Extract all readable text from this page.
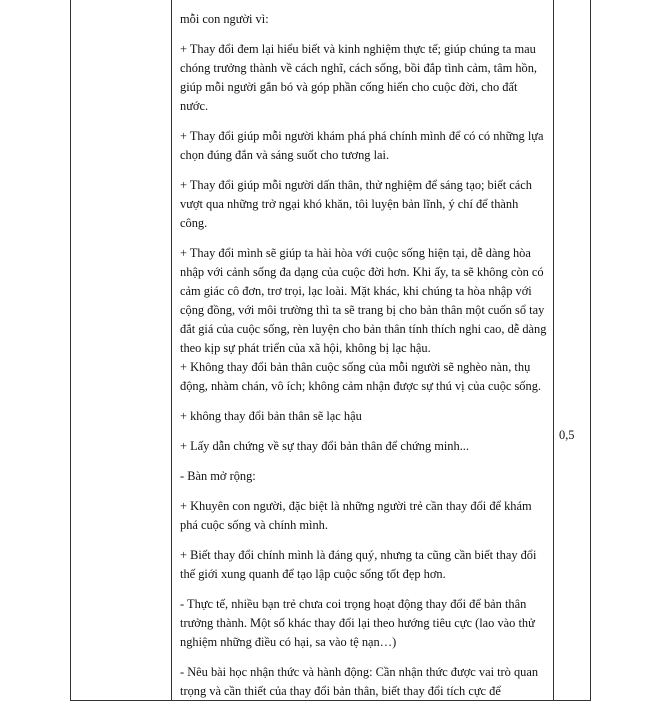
mỗi con người vì:

+ Thay đổi đem lại hiểu biết và kinh nghiệm thực tế; giúp chúng ta mau chóng trưởng thành về cách nghĩ, cách sống, bồi đắp tình cảm, tâm hồn, giúp mỗi người gắn bó và góp phần cống hiến cho cuộc đời, cho đất nước.

+ Thay đổi giúp mỗi người khám phá phá chính mình để có có những lựa chọn đúng đắn và sáng suốt cho tương lai.

+ Thay đổi giúp mỗi người dấn thân, thử nghiệm để sáng tạo; biết cách vượt qua những trở ngại khó khăn, tôi luyện bản lĩnh, ý chí để thành công.

+ Thay đổi mình sẽ giúp ta hài hòa với cuộc sống hiện tại, dễ dàng hòa nhập với cảnh sống đa dạng của cuộc đời hơn. Khi ấy, ta sẽ không còn có cảm giác cô đơn, trơ trọi, lạc loài. Mặt khác, khi chúng ta hòa nhập với cộng đồng, với môi trường thì ta sẽ trang bị cho bản thân một cuốn sổ tay đắt giá của cuộc sống, rèn luyện cho bản thân tính thích nghi cao, dễ dàng theo kịp sự phát triển của xã hội, không bị lạc hậu.

+ Không thay đổi bản thân cuộc sống của mỗi người sẽ nghèo nàn, thụ động, nhàm chán, vô ích; không cảm nhận được sự thú vị của cuộc sống.

+ không thay đổi bản thân sẽ lạc hậu

+ Lấy dẫn chứng về sự thay đổi bản thân để chứng minh...

- Bàn mở rộng:

+ Khuyên con người, đặc biệt là những người trẻ cần thay đổi để khám phá cuộc sống và chính mình.

+ Biết thay đổi chính mình là đáng quý, nhưng ta cũng cần biết thay đổi thế giới xung quanh để tạo lập cuộc sống tốt đẹp hơn.

- Thực tế, nhiều bạn trẻ chưa coi trọng hoạt động thay đổi để bản thân trưởng thành. Một số khác thay đổi lại theo hướng tiêu cực (lao vào thử nghiệm những điều có hại, sa vào tệ nạn…)

- Nêu bài học nhận thức và hành động: Cần nhận thức được vai trò quan trọng và cần thiết của thay đổi bản thân, biết thay đổi tích cực để

0,5
